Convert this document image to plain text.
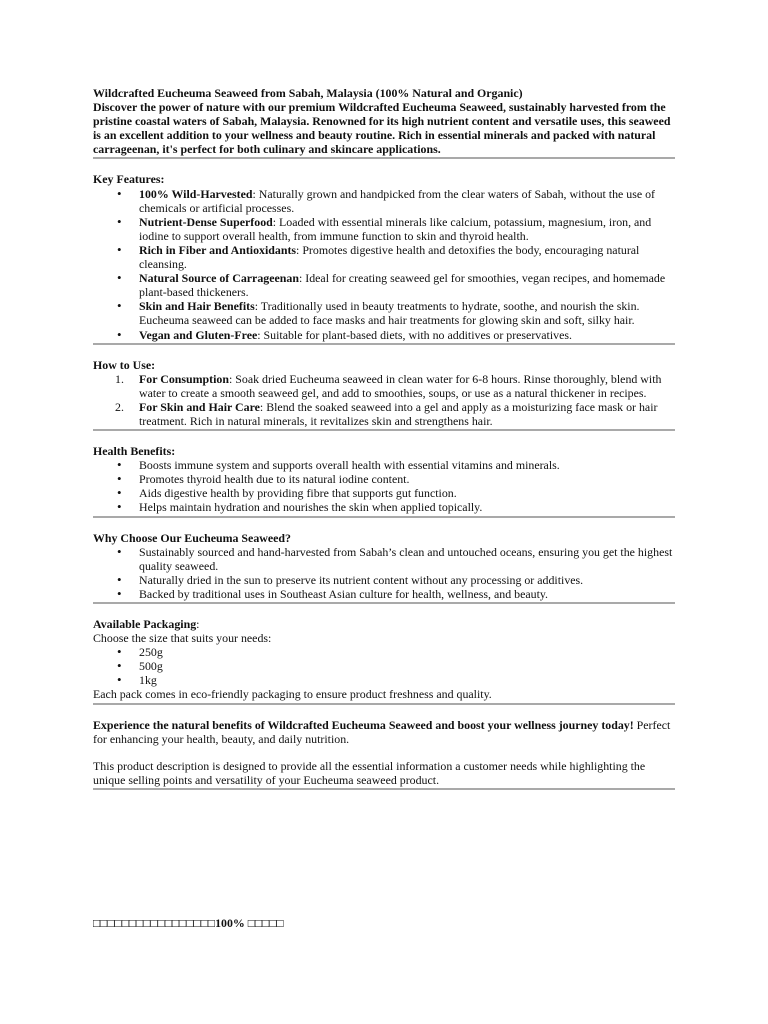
Wildcrafted Eucheuma Seaweed from Sabah, Malaysia (100% Natural and Organic)

Discover the power of nature with our premium Wildcrafted Eucheuma Seaweed, sustainably harvested from the pristine coastal waters of Sabah, Malaysia. Renowned for its high nutrient content and versatile uses, this seaweed is an excellent addition to your wellness and beauty routine. Rich in essential minerals and packed with natural carrageenan, it's perfect for both culinary and skincare applications.

Key Features:

• 100% Wild-Harvested: Naturally grown and handpicked from the clear waters of Sabah, without the use of chemicals or artificial processes.
• Nutrient-Dense Superfood: Loaded with essential minerals like calcium, potassium, magnesium, iron, and iodine to support overall health, from immune function to skin and thyroid health.
• Rich in Fiber and Antioxidants: Promotes digestive health and detoxifies the body, encouraging natural cleansing.
• Natural Source of Carrageenan: Ideal for creating seaweed gel for smoothies, vegan recipes, and homemade plant-based thickeners.
• Skin and Hair Benefits: Traditionally used in beauty treatments to hydrate, soothe, and nourish the skin. Eucheuma seaweed can be added to face masks and hair treatments for glowing skin and soft, silky hair.
• Vegan and Gluten-Free: Suitable for plant-based diets, with no additives or preservatives.

How to Use:

1. For Consumption: Soak dried Eucheuma seaweed in clean water for 6-8 hours. Rinse thoroughly, blend with water to create a smooth seaweed gel, and add to smoothies, soups, or use as a natural thickener in recipes.
2. For Skin and Hair Care: Blend the soaked seaweed into a gel and apply as a moisturizing face mask or hair treatment. Rich in natural minerals, it revitalizes skin and strengthens hair.

Health Benefits:

• Boosts immune system and supports overall health with essential vitamins and minerals.
• Promotes thyroid health due to its natural iodine content.
• Aids digestive health by providing fibre that supports gut function.
• Helps maintain hydration and nourishes the skin when applied topically.

Why Choose Our Eucheuma Seaweed?

• Sustainably sourced and hand-harvested from Sabah’s clean and untouched oceans, ensuring you get the highest quality seaweed.
• Naturally dried in the sun to preserve its nutrient content without any processing or additives.
• Backed by traditional uses in Southeast Asian culture for health, wellness, and beauty.

Available Packaging:

Choose the size that suits your needs:

• 250g
• 500g
• 1kg

Each pack comes in eco-friendly packaging to ensure product freshness and quality.

Experience the natural benefits of Wildcrafted Eucheuma Seaweed and boost your wellness journey today! Perfect for enhancing your health, beauty, and daily nutrition.

This product description is designed to provide all the essential information a customer needs while highlighting the unique selling points and versatility of your Eucheuma seaweed product.

□□□□□□□□□□□□□□□□□100% □□□□□
